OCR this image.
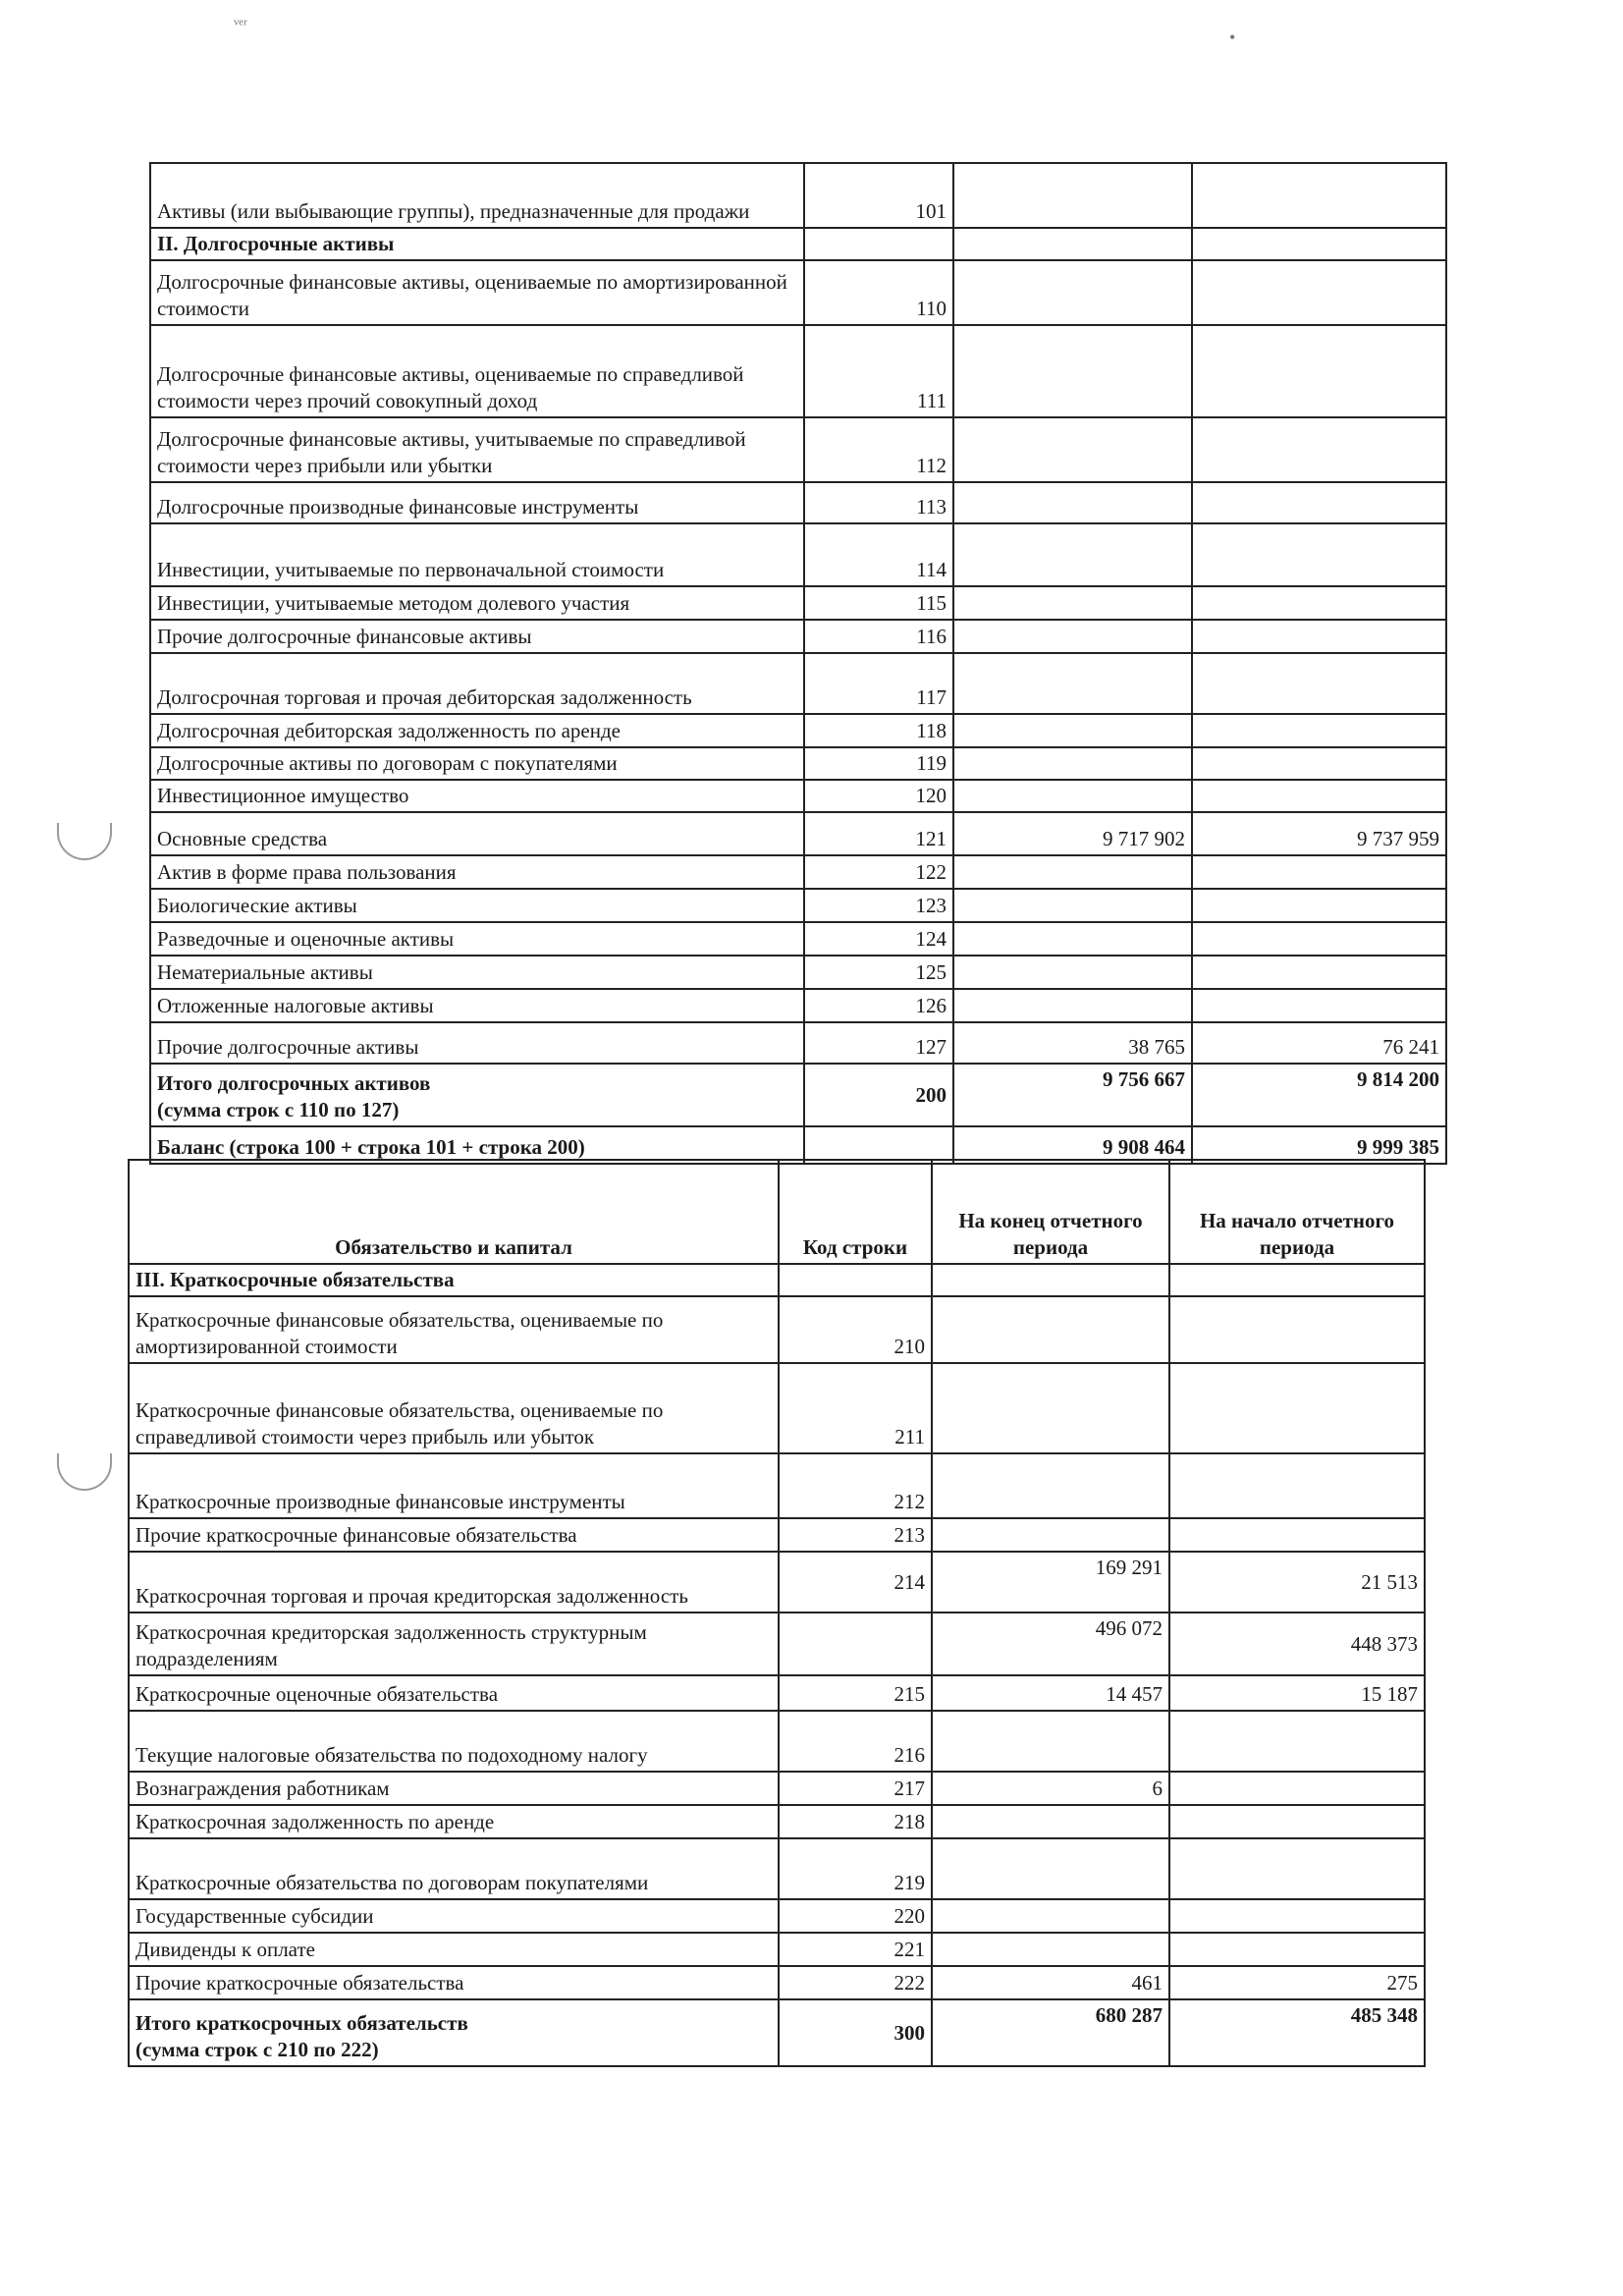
ᵥₑᵣ
•
Активы (или выбывающие группы), предназначенные для продажи	101		
II. Долгосрочные активы			
Долгосрочные финансовые активы, оцениваемые по амортизированной стоимости	110		
Долгосрочные финансовые активы, оцениваемые по справедливой стоимости через прочий совокупный доход	111		
Долгосрочные финансовые активы, учитываемые по справедливой стоимости через прибыли или убытки	112		
Долгосрочные производные финансовые инструменты	113		
Инвестиции, учитываемые по первоначальной стоимости	114		
Инвестиции, учитываемые методом долевого участия	115		
Прочие долгосрочные финансовые активы	116		
Долгосрочная торговая и прочая дебиторская задолженность	117		
Долгосрочная дебиторская задолженность по аренде	118		
Долгосрочные активы по договорам с покупателями	119		
Инвестиционное имущество	120		
Основные средства	121	9 717 902	9 737 959
Актив в форме права пользования	122		
Биологические активы	123		
Разведочные и оценочные активы	124		
Нематериальные активы	125		
Отложенные налоговые активы	126		
Прочие долгосрочные активы	127	38 765	76 241

Итого долгосрочных активов
(сумма строк с 110 по 127)	200	9 756 667	9 814 200
Баланс (строка 100 + строка 101 + строка 200)		9 908 464	9 999 385
Обязательство и капитал	Код строки	На конец отчетного периода	На начало отчетного периода
III. Краткосрочные обязательства			
Краткосрочные финансовые обязательства, оцениваемые по амортизированной стоимости	210		
Краткосрочные финансовые обязательства, оцениваемые по справедливой стоимости через прибыль или убыток	211		
Краткосрочные производные финансовые инструменты	212		
Прочие краткосрочные финансовые обязательства	213		
Краткосрочная торговая и прочая кредиторская задолженность	214	169 291	21 513
Краткосрочная кредиторская задолженность структурным подразделениям		496 072	448 373
Краткосрочные оценочные обязательства	215	14 457	15 187
Текущие налоговые обязательства по подоходному налогу	216		
Вознаграждения работникам	217	6	
Краткосрочная задолженность по аренде	218		
Краткосрочные обязательства по договорам покупателями	219		
Государственные субсидии	220		
Дивиденды к оплате	221		
Прочие краткосрочные обязательства	222	461	275

Итого краткосрочных обязательств
(сумма строк с 210 по 222)	300	680 287	485 348
